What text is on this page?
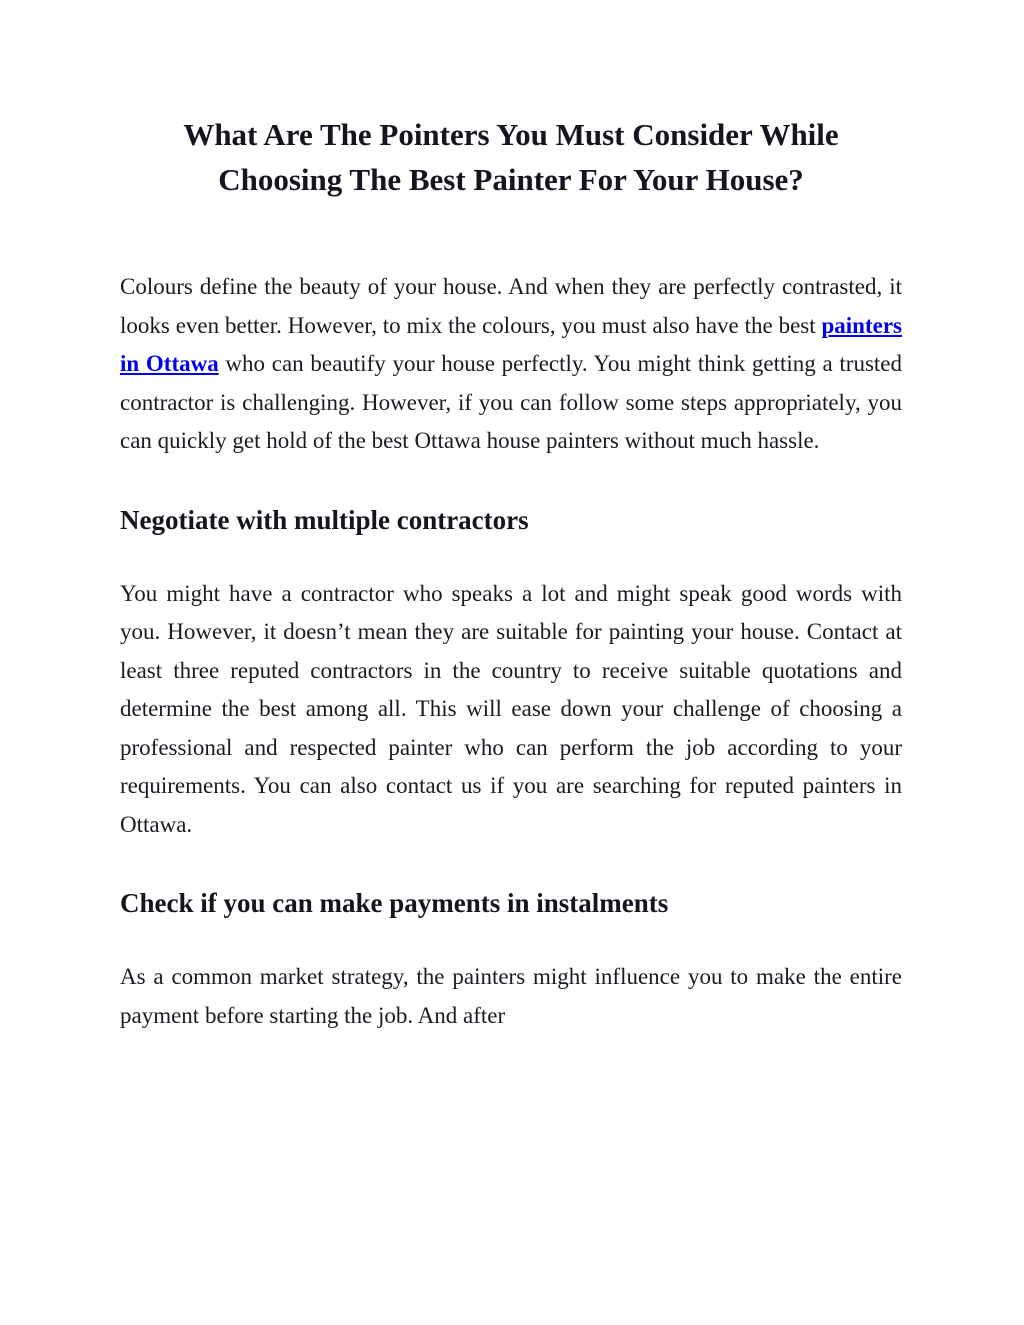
What Are The Pointers You Must Consider While Choosing The Best Painter For Your House?

Colours define the beauty of your house. And when they are perfectly contrasted, it looks even better. However, to mix the colours, you must also have the best painters in Ottawa who can beautify your house perfectly. You might think getting a trusted contractor is challenging. However, if you can follow some steps appropriately, you can quickly get hold of the best Ottawa house painters without much hassle.

Negotiate with multiple contractors

You might have a contractor who speaks a lot and might speak good words with you. However, it doesn’t mean they are suitable for painting your house. Contact at least three reputed contractors in the country to receive suitable quotations and determine the best among all. This will ease down your challenge of choosing a professional and respected painter who can perform the job according to your requirements. You can also contact us if you are searching for reputed painters in Ottawa.

Check if you can make payments in instalments

As a common market strategy, the painters might influence you to make the entire payment before starting the job. And after
